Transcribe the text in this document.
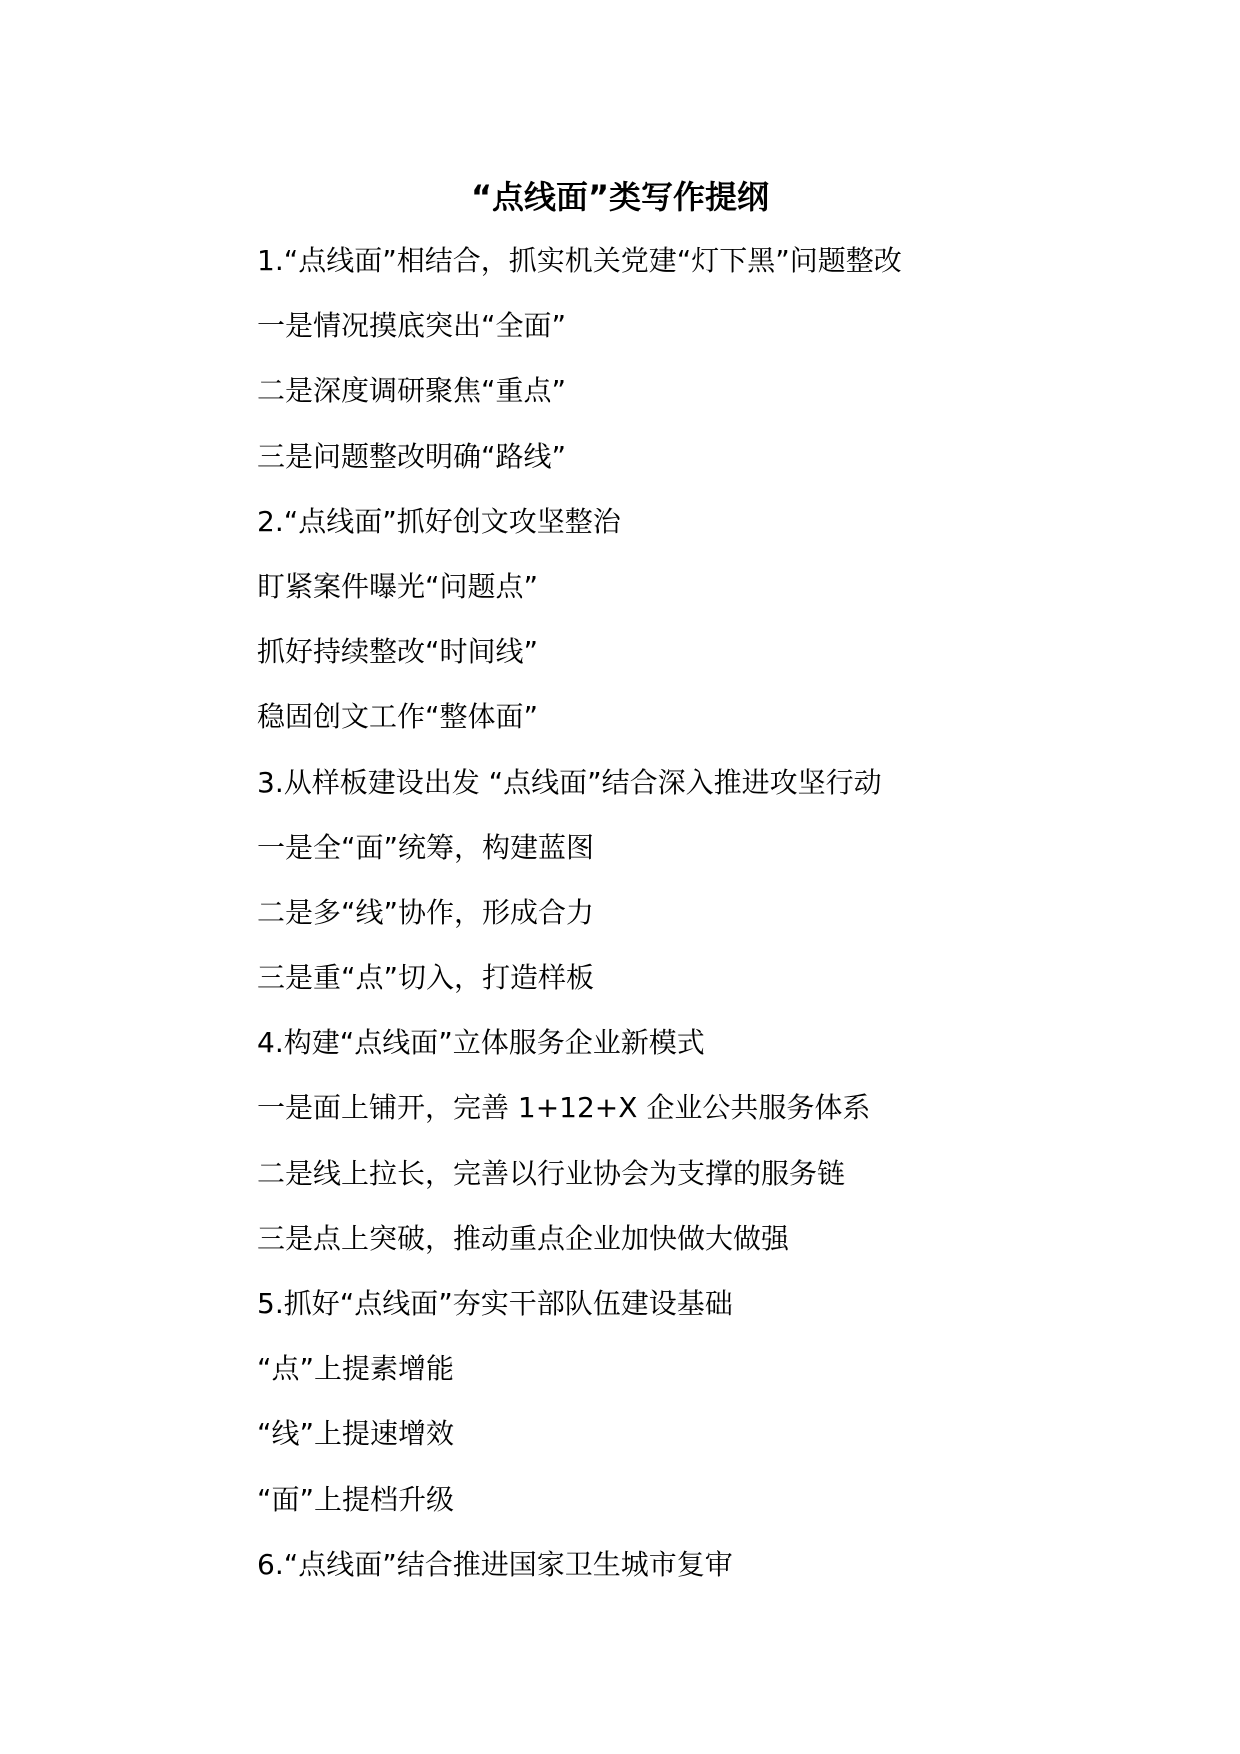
“点线面”类写作提纲
1.“点线面”相结合，抓实机关党建“灯下黑”问题整改
一是情况摸底突出“全面”
二是深度调研聚焦“重点”
三是问题整改明确“路线”
2.“点线面”抓好创文攻坚整治
盯紧案件曝光“问题点”
抓好持续整改“时间线”
稳固创文工作“整体面”
3.从样板建设出发 “点线面”结合深入推进攻坚行动
一是全“面”统筹，构建蓝图
二是多“线”协作，形成合力
三是重“点”切入，打造样板
4.构建“点线面”立体服务企业新模式
一是面上铺开，完善 1+12+X 企业公共服务体系
二是线上拉长，完善以行业协会为支撑的服务链
三是点上突破，推动重点企业加快做大做强
5.抓好“点线面”夯实干部队伍建设基础
“点”上提素增能
“线”上提速增效
“面”上提档升级
6.“点线面”结合推进国家卫生城市复审
